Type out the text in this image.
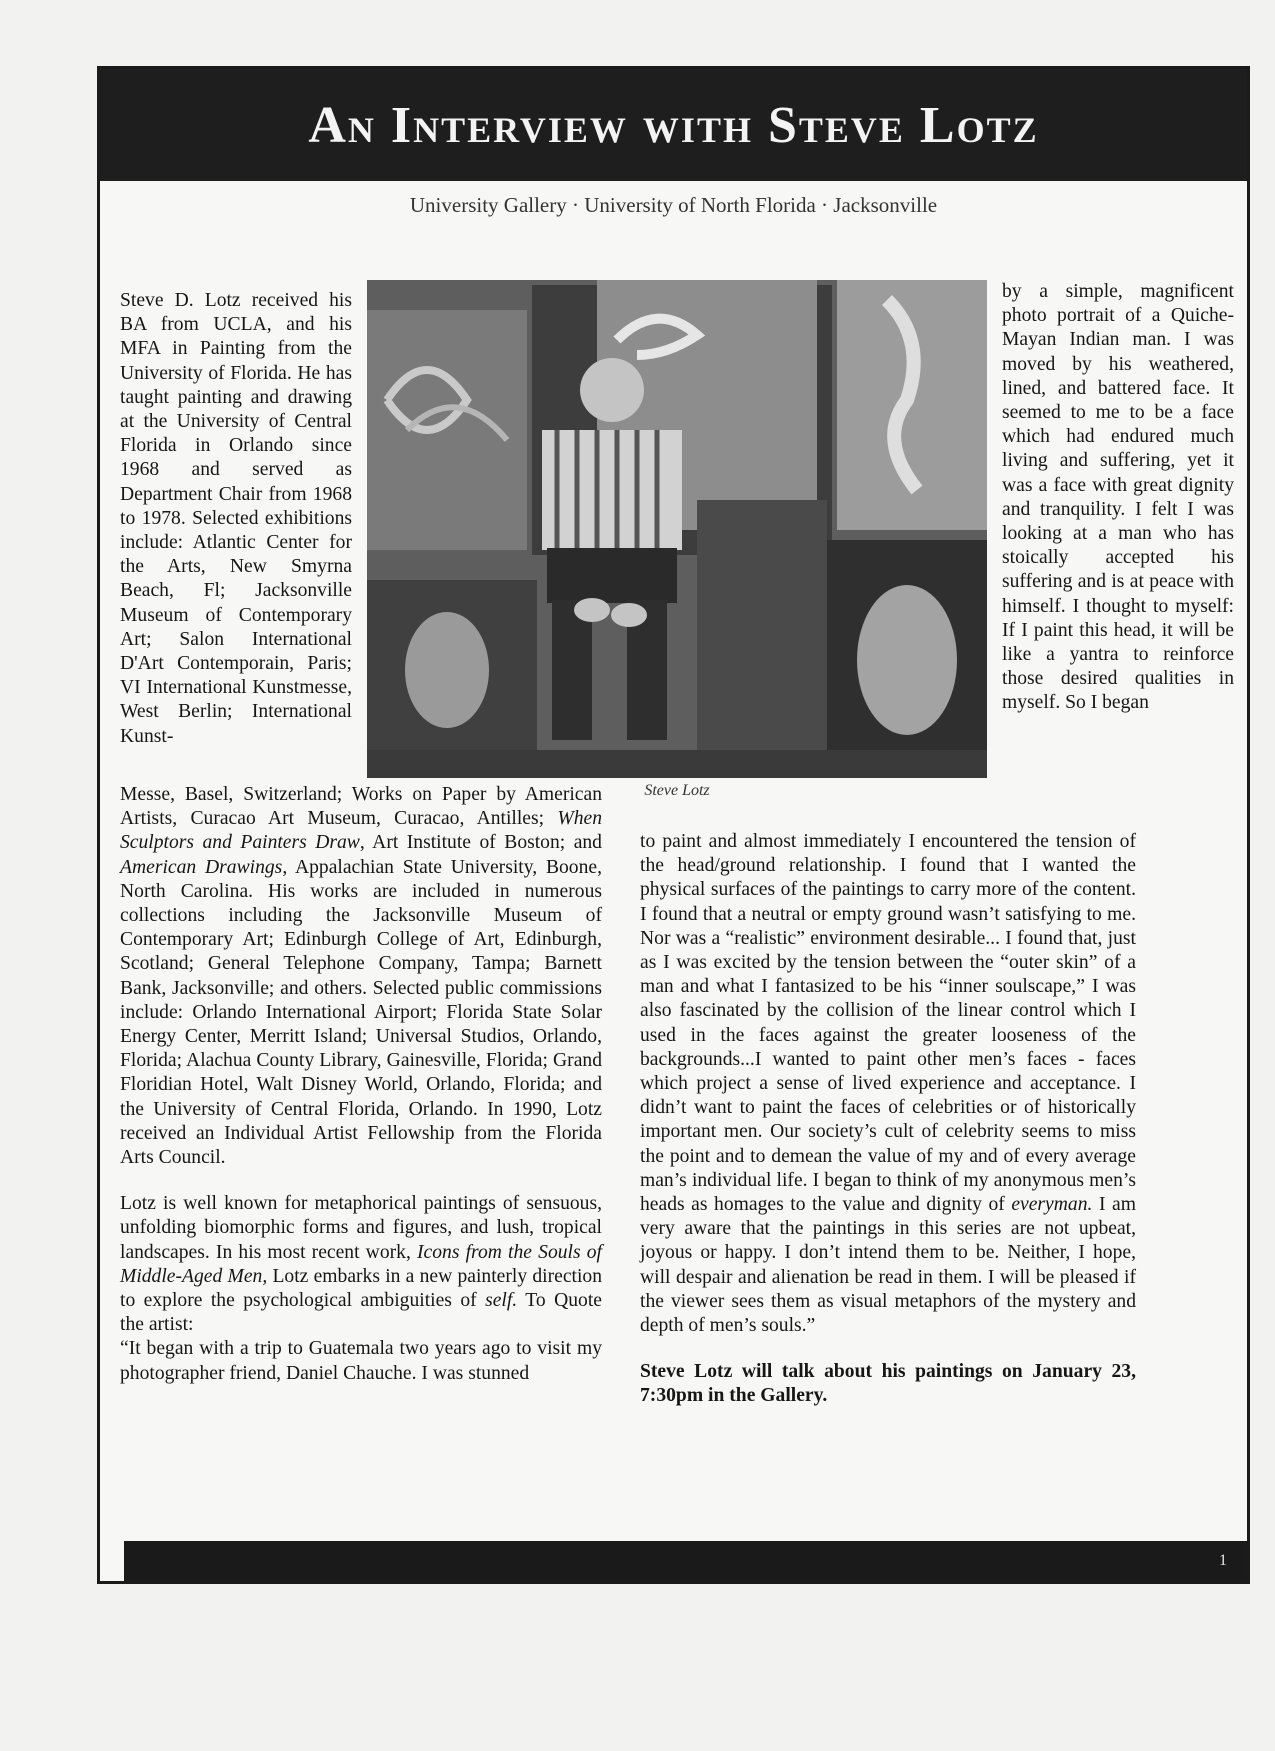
An Interview with Steve Lotz
University Gallery · University of North Florida · Jacksonville

Steve D. Lotz received his BA from UCLA, and his MFA in Painting from the University of Florida. He has taught painting and drawing at the University of Central Florida in Orlando since 1968 and served as Department Chair from 1968 to 1978. Selected exhibitions include: Atlantic Center for the Arts, New Smyrna Beach, Fl; Jacksonville Museum of Contemporary Art; Salon International D'Art Contemporain, Paris; VI International Kunstmesse, West Berlin; International Kunst-

by a simple, magnificent photo portrait of a Quiche-Mayan Indian man. I was moved by his weathered, lined, and battered face. It seemed to me to be a face which had endured much living and suffering, yet it was a face with great dignity and tranquility. I felt I was looking at a man who has stoically accepted his suffering and is at peace with himself. I thought to myself: If I paint this head, it will be like a yantra to reinforce those desired qualities in myself. So I began

Steve Lotz

Messe, Basel, Switzerland; Works on Paper by American Artists, Curacao Art Museum, Curacao, Antilles; When Sculptors and Painters Draw, Art Institute of Boston; and American Drawings, Appalachian State University, Boone, North Carolina. His works are included in numerous collections including the Jacksonville Museum of Contemporary Art; Edinburgh College of Art, Edinburgh, Scotland; General Telephone Company, Tampa; Barnett Bank, Jacksonville; and others. Selected public commissions include: Orlando International Airport; Florida State Solar Energy Center, Merritt Island; Universal Studios, Orlando, Florida; Alachua County Library, Gainesville, Florida; Grand Floridian Hotel, Walt Disney World, Orlando, Florida; and the University of Central Florida, Orlando. In 1990, Lotz received an Individual Artist Fellowship from the Florida Arts Council.

Lotz is well known for metaphorical paintings of sensuous, unfolding biomorphic forms and figures, and lush, tropical landscapes. In his most recent work, Icons from the Souls of Middle-Aged Men, Lotz embarks in a new painterly direction to explore the psychological ambiguities of self. To Quote the artist:

“It began with a trip to Guatemala two years ago to visit my photographer friend, Daniel Chauche. I was stunned

to paint and almost immediately I encountered the tension of the head/ground relationship. I found that I wanted the physical surfaces of the paintings to carry more of the content. I found that a neutral or empty ground wasn’t satisfying to me. Nor was a “realistic” environment desirable... I found that, just as I was excited by the tension between the “outer skin” of a man and what I fantasized to be his “inner soulscape,” I was also fascinated by the collision of the linear control which I used in the faces against the greater looseness of the backgrounds...I wanted to paint other men’s faces - faces which project a sense of lived experience and acceptance. I didn’t want to paint the faces of celebrities or of historically important men. Our society’s cult of celebrity seems to miss the point and to demean the value of my and of every average man’s individual life. I began to think of my anonymous men’s heads as homages to the value and dignity of everyman. I am very aware that the paintings in this series are not upbeat, joyous or happy. I don’t intend them to be. Neither, I hope, will despair and alienation be read in them. I will be pleased if the viewer sees them as visual metaphors of the mystery and depth of men’s souls.”

Steve Lotz will talk about his paintings on January 23, 7:30pm in the Gallery.

1
